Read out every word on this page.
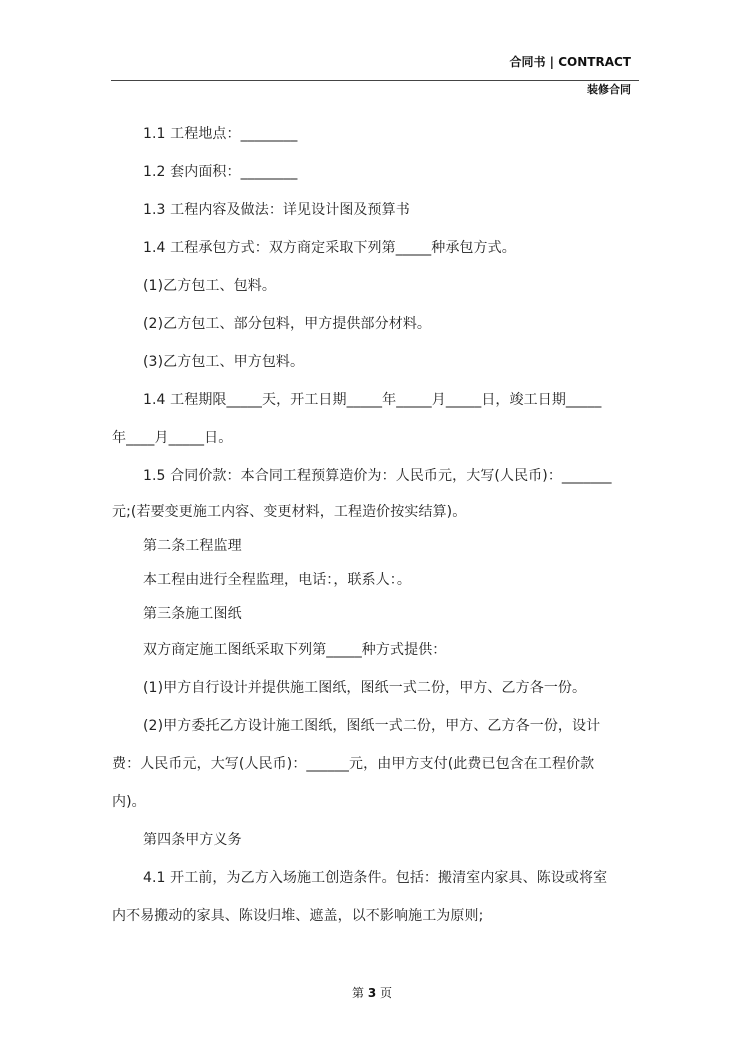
合同书 | CONTRACT
装修合同

1.1 工程地点：________

1.2 套内面积：________

1.3 工程内容及做法：详见设计图及预算书

1.4 工程承包方式：双方商定采取下列第_____种承包方式。

(1)乙方包工、包料。

(2)乙方包工、部分包料，甲方提供部分材料。

(3)乙方包工、甲方包料。

1.4 工程期限_____天，开工日期_____年_____月_____日，竣工日期_____

年____月_____日。

1.5 合同价款：本合同工程预算造价为：人民币元，大写(人民币)：_______

元;(若要变更施工内容、变更材料，工程造价按实结算)。

第二条工程监理

本工程由进行全程监理，电话：，联系人：。

第三条施工图纸

双方商定施工图纸采取下列第_____种方式提供：

(1)甲方自行设计并提供施工图纸，图纸一式二份，甲方、乙方各一份。

(2)甲方委托乙方设计施工图纸，图纸一式二份，甲方、乙方各一份，设计

费：人民币元，大写(人民币)：______元，由甲方支付(此费已包含在工程价款

内)。

第四条甲方义务

4.1 开工前，为乙方入场施工创造条件。包括：搬清室内家具、陈设或将室

内不易搬动的家具、陈设归堆、遮盖，以不影响施工为原则;

第 3 页
